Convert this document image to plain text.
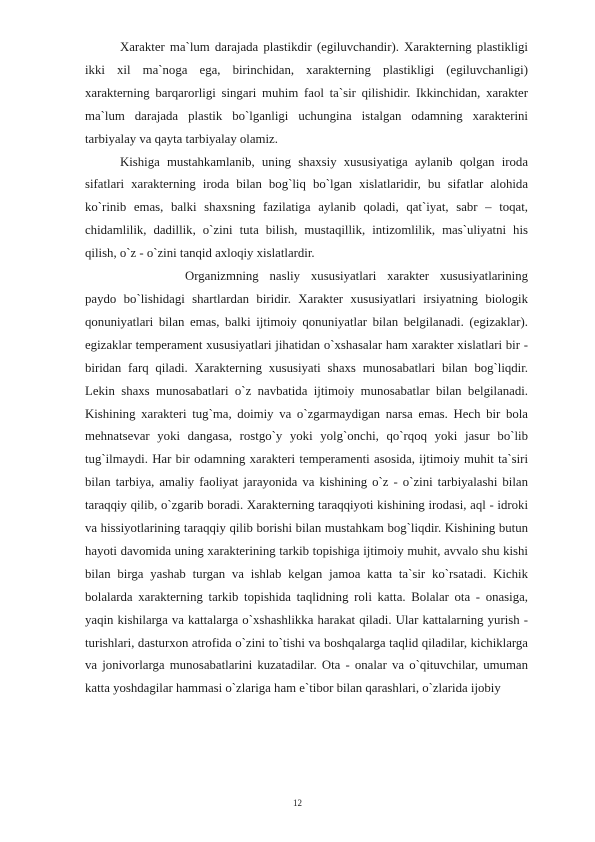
Xarakter ma`lum darajada plastikdir (egiluvchandir). Xarakterning plastikligi ikki xil ma`noga ega, birinchidan, xarakterning plastikligi (egiluvchanligi) xarakterning barqarorligi singari muhim faol ta`sir qilishidir. Ikkinchidan, xarakter ma`lum darajada plastik bo`lganligi uchungina istalgan odamning xarakterini tarbiyalay va qayta tarbiyalay olamiz.

Kishiga mustahkamlanib, uning shaxsiy xususiyatiga aylanib qolgan iroda sifatlari xarakterning iroda bilan bog`liq bo`lgan xislatlaridir, bu sifatlar alohida ko`rinib emas, balki shaxsning fazilatiga aylanib qoladi, qat`iyat, sabr – toqat, chidamlilik, dadillik, o`zini tuta bilish, mustaqillik, intizomlilik, mas`uliyatni his qilish, o`z - o`zini tanqid axloqiy xislatlardir.

Organizmning nasliy xususiyatlari xarakter xususiyatlarining paydo bo`lishidagi shartlardan biridir. Xarakter xususiyatlari irsiyatning biologik qonuniyatlari bilan emas, balki ijtimoiy qonuniyatlar bilan belgilanadi. (egizaklar). egizaklar temperament xususiyatlari jihatidan o`xshasalar ham xarakter xislatlari bir - biridan farq qiladi. Xarakterning xususiyati shaxs munosabatlari bilan bog`liqdir. Lekin shaxs munosabatlari o`z navbatida ijtimoiy munosabatlar bilan belgilanadi. Kishining xarakteri tug`ma, doimiy va o`zgarmaydigan narsa emas. Hech bir bola mehnatsevar yoki dangasa, rostgo`y yoki yolg`onchi, qo`rqoq yoki jasur bo`lib tug`ilmaydi. Har bir odamning xarakteri temperamenti asosida, ijtimoiy muhit ta`siri bilan tarbiya, amaliy faoliyat jarayonida va kishining o`z - o`zini tarbiyalashi bilan taraqqiy qilib, o`zgarib boradi. Xarakterning taraqqiyoti kishining irodasi, aql - idroki va hissiyotlarining taraqqiy qilib borishi bilan mustahkam bog`liqdir. Kishining butun hayoti davomida uning xarakterining tarkib topishiga ijtimoiy muhit, avvalo shu kishi bilan birga yashab turgan va ishlab kelgan jamoa katta ta`sir ko`rsatadi. Kichik bolalarda xarakterning tarkib topishida taqlidning roli katta. Bolalar ota - onasiga, yaqin kishilarga va kattalarga o`xshashlikka harakat qiladi. Ular kattalarning yurish - turishlari, dasturxon atrofida o`zini to`tishi va boshqalarga taqlid qiladilar, kichiklarga va jonivorlarga munosabatlarini kuzatadilar. Ota - onalar va o`qituvchilar, umuman katta yoshdagilar hammasi o`zlariga ham e`tibor bilan qarashlari, o`zlarida ijobiy

12
